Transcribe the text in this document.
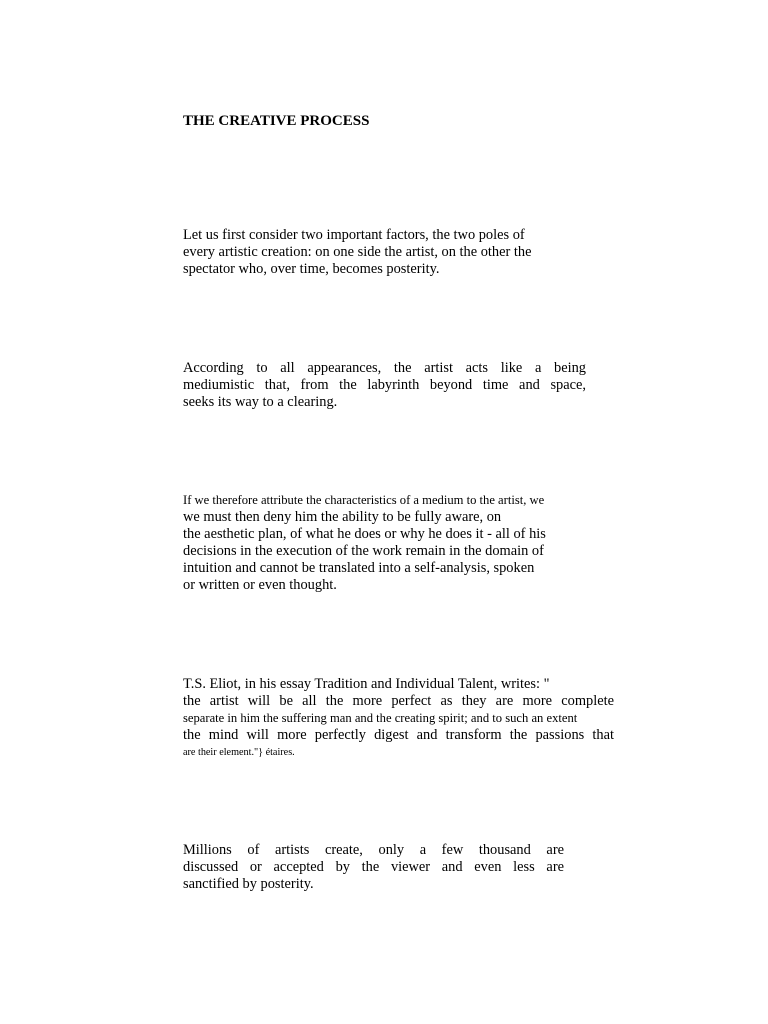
THE CREATIVE PROCESS
Let us first consider two important factors, the two poles of
every artistic creation: on one side the artist, on the other the
spectator who, over time, becomes posterity.
According to all appearances, the artist acts like a being
mediumistic that, from the labyrinth beyond time and space,
seeks its way to a clearing.
If we therefore attribute the characteristics of a medium to the artist, we
we must then deny him the ability to be fully aware, on
the aesthetic plan, of what he does or why he does it - all of his
decisions in the execution of the work remain in the domain of
intuition and cannot be translated into a self-analysis, spoken
or written or even thought.
T.S. Eliot, in his essay Tradition and Individual Talent, writes: "
the artist will be all the more perfect as they are more complete
separate in him the suffering man and the creating spirit; and to such an extent
the mind will more perfectly digest and transform the passions that
are their element."} étaires.
Millions of artists create, only a few thousand are
discussed or accepted by the viewer and even less are
sanctified by posterity.
